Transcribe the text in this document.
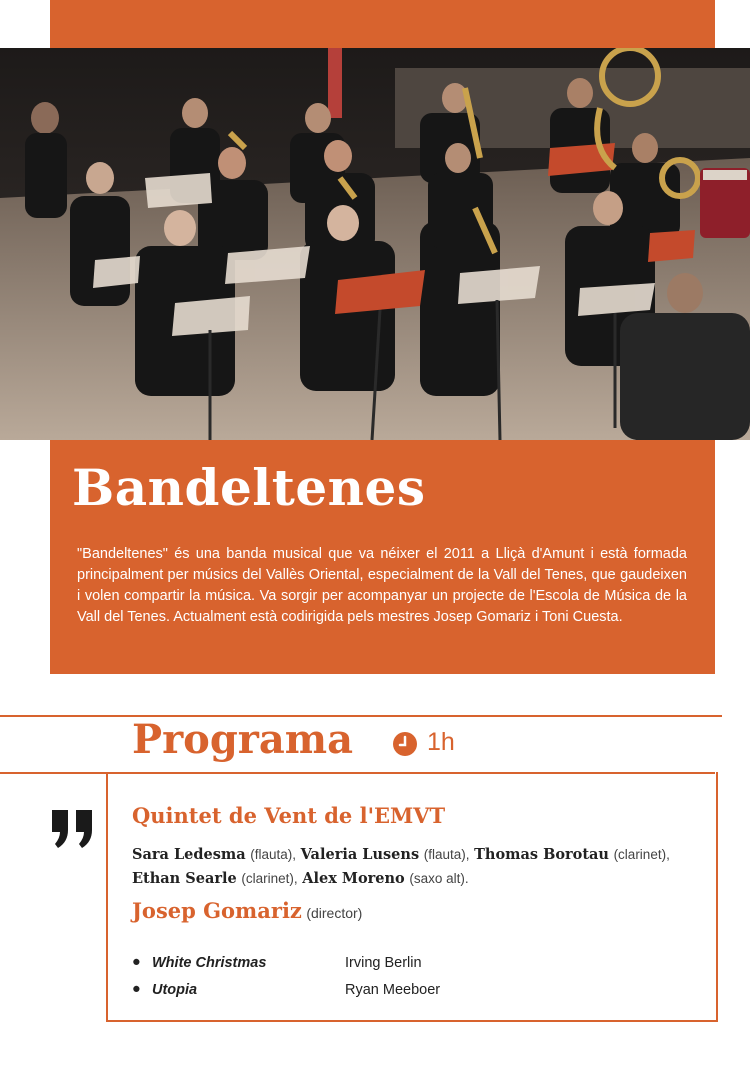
Bandeltenes

"Bandeltenes" és una banda musical que va néixer el 2011 a Lliçà d'Amunt i està formada principalment per músics del Vallès Oriental, especialment de la Vall del Tenes, que gaudeixen i volen compartir la música. Va sorgir per acompanyar un projecte de l'Escola de Música de la Vall del Tenes. Actualment està codirigida pels mestres Josep Gomariz i Toni Cuesta.

Programa	1h
Quintet de Vent de l'EMVT
Sara Ledesma (flauta), Valeria Lusens (flauta), Thomas Borotau (clarinet),
Ethan Searle (clarinet), Alex Moreno (saxo alt).
Josep Gomariz (director)
● White Christmas	Irving Berlin
● Utopia	Ryan Meeboer
